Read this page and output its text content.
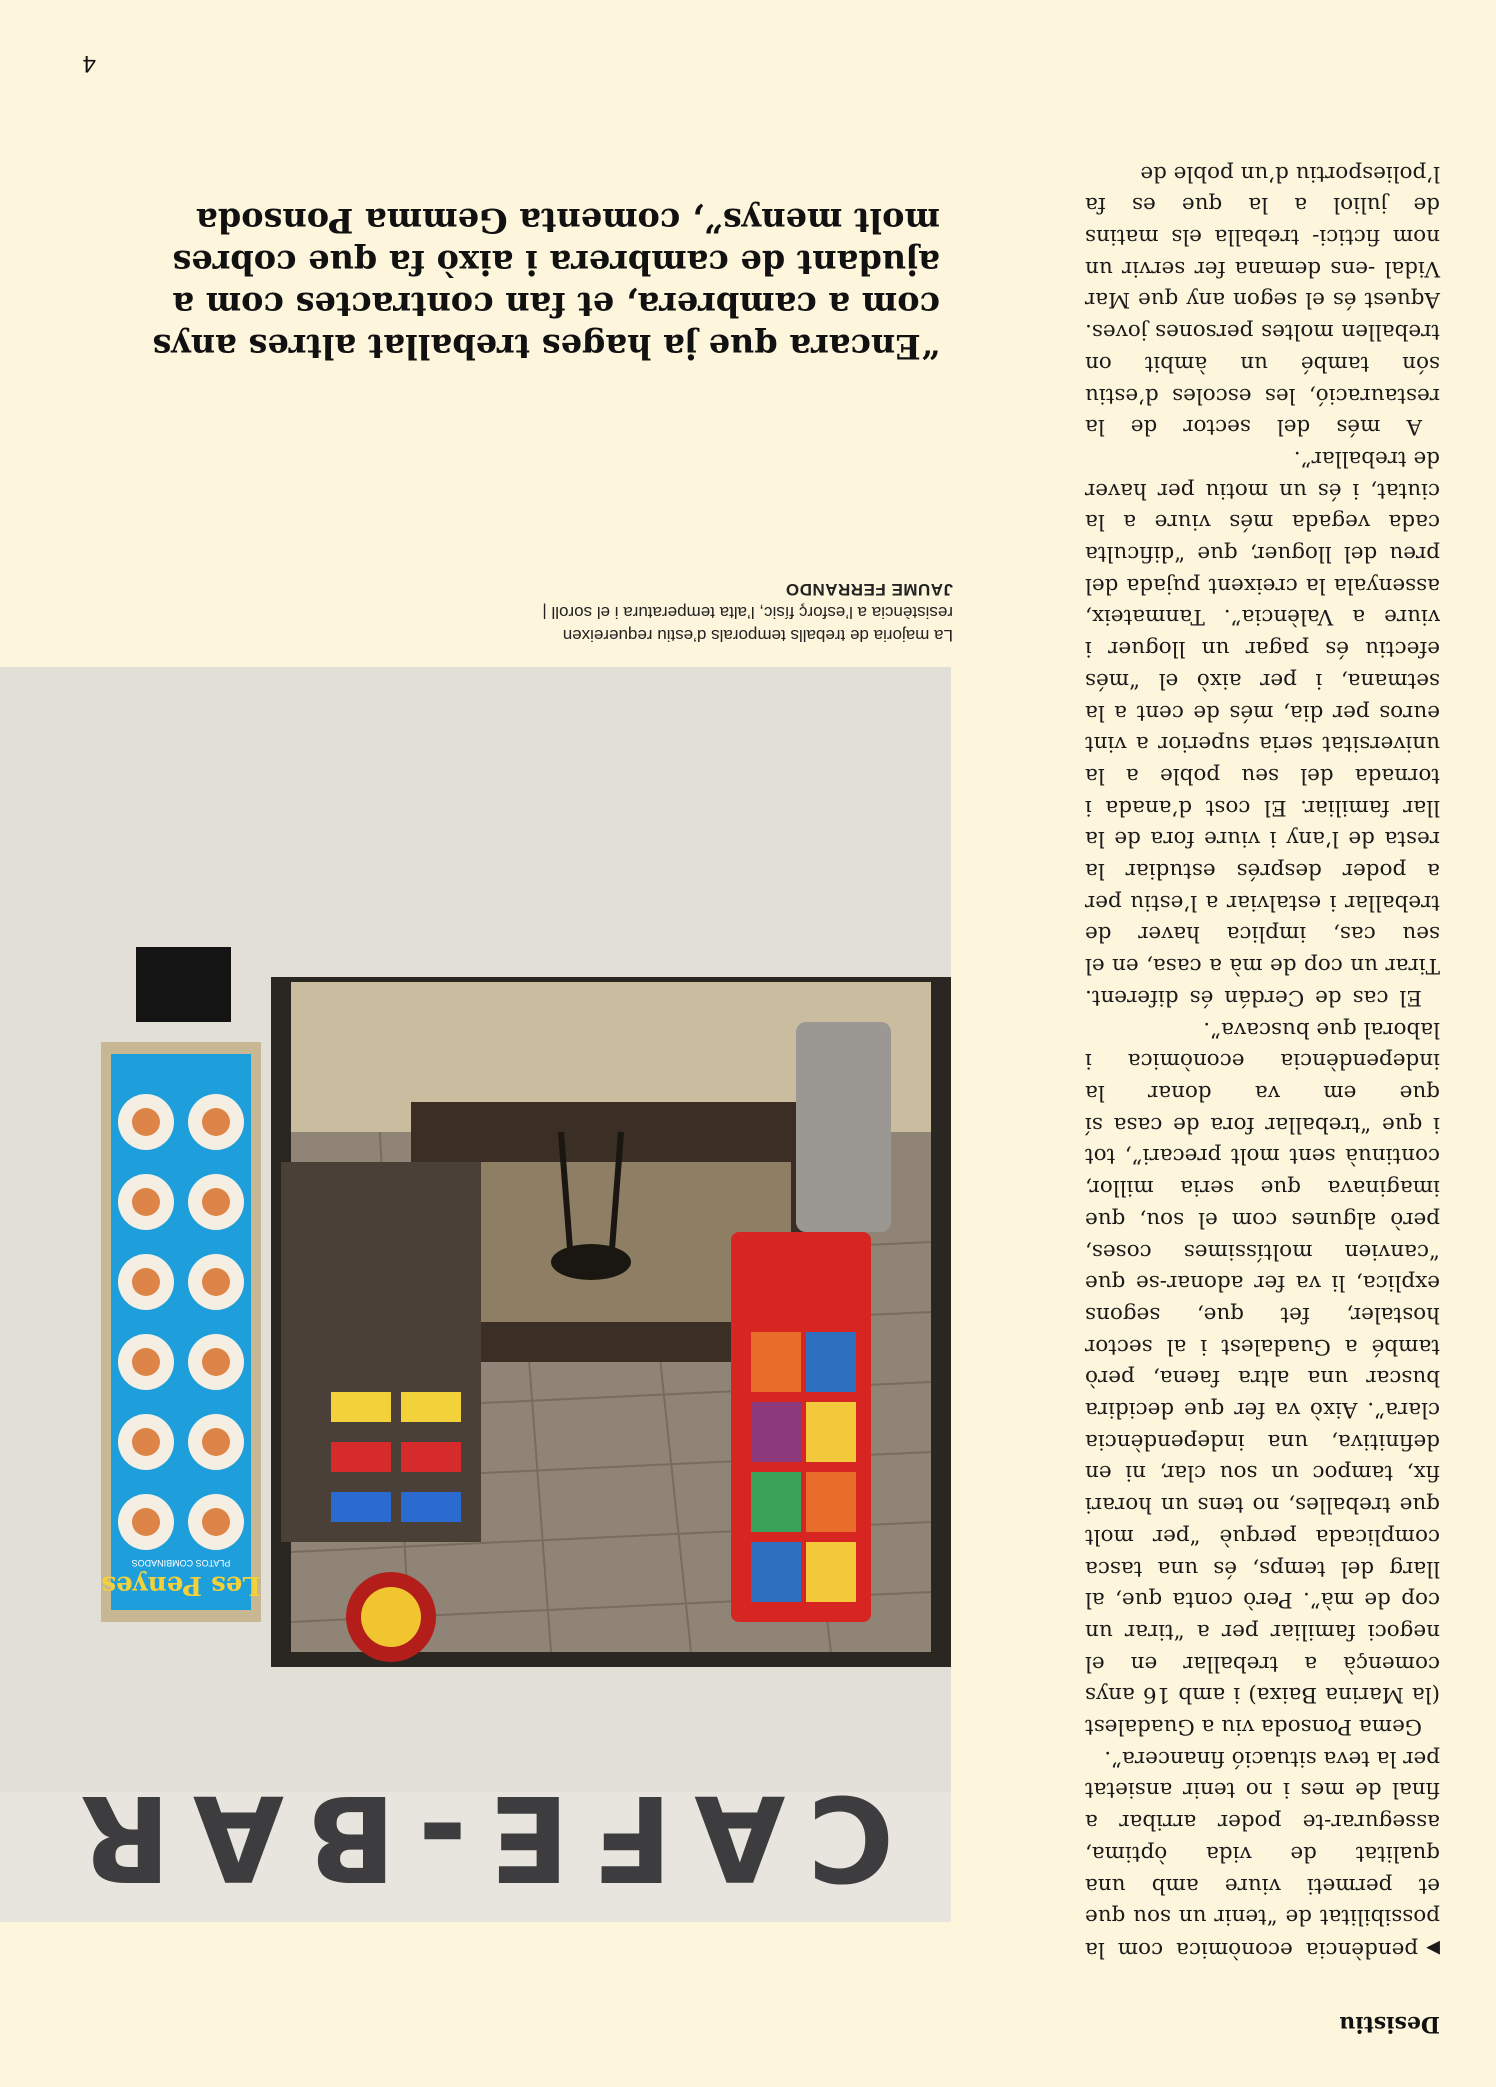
Desistiu
4

▶pendència econòmica com la possibilitat de “tenir un sou que et permeti viure amb una qualitat de vida òptima, assegurar-te poder arribar a final de mes i no tenir ansietat per la teva situació financera”.

Gema Ponsoda viu a Guadalest (la Marina Baixa) i amb 16 anys començà a treballar en el negoci familiar per a “tirar un cop de mà”. Però conta que, al llarg del temps, és una tasca complicada perquè “per molt que treballes, no tens un horari fix, tampoc un sou clar, ni en definitiva, una independència clara”. Això va fer que decidira buscar una altra faena, però també a Guadalest i al sector hostaler, fet que, segons explica, li va fer adonar-se que “canvien moltíssimes coses, però algunes com el sou, que imaginava que seria millor, continuà sent molt precari”, tot i que “treballar fora de casa sí que em va donar la independència econòmica i laboral que buscava”.

El cas de Cerdán és diferent. Tirar un cop de mà a casa, en el seu cas, implica haver de treballar i estalviar a l’estiu per a poder després estudiar la resta de l’any i viure fora de la llar familiar. El cost d’anada i tornada del seu poble a la universitat seria superior a vint euros per dia, més de cent a la setmana, i per això el “més efectiu és pagar un lloguer i viure a València”. Tanmateix, assenyala la creixent pujada del preu del lloguer, que “dificulta cada vegada més viure a la ciutat, i és un motiu per haver de treballar”.

A més del sector de la restauració, les escoles d’estiu són també un àmbit on treballen moltes persones joves. Aquest és el segon any que Mar Vidal -ens demana fer servir un nom fictici- treballa els matins de juliol a la que es fa l’poliesportiu d’un poble de

Les Penyes
PLATOS COMBINADOS
CAFE-BAR
La majoria de treballs temporals d’estiu requereixen resistència a l’esforç físic, l’alta temperatura i el soroll | JAUME FERRANDO
“Encara que ja hages treballat altres anys com a cambrera, et fan contractes com a ajudant de cambrera i això fa que cobres molt menys”, comenta Gemma Ponsoda
